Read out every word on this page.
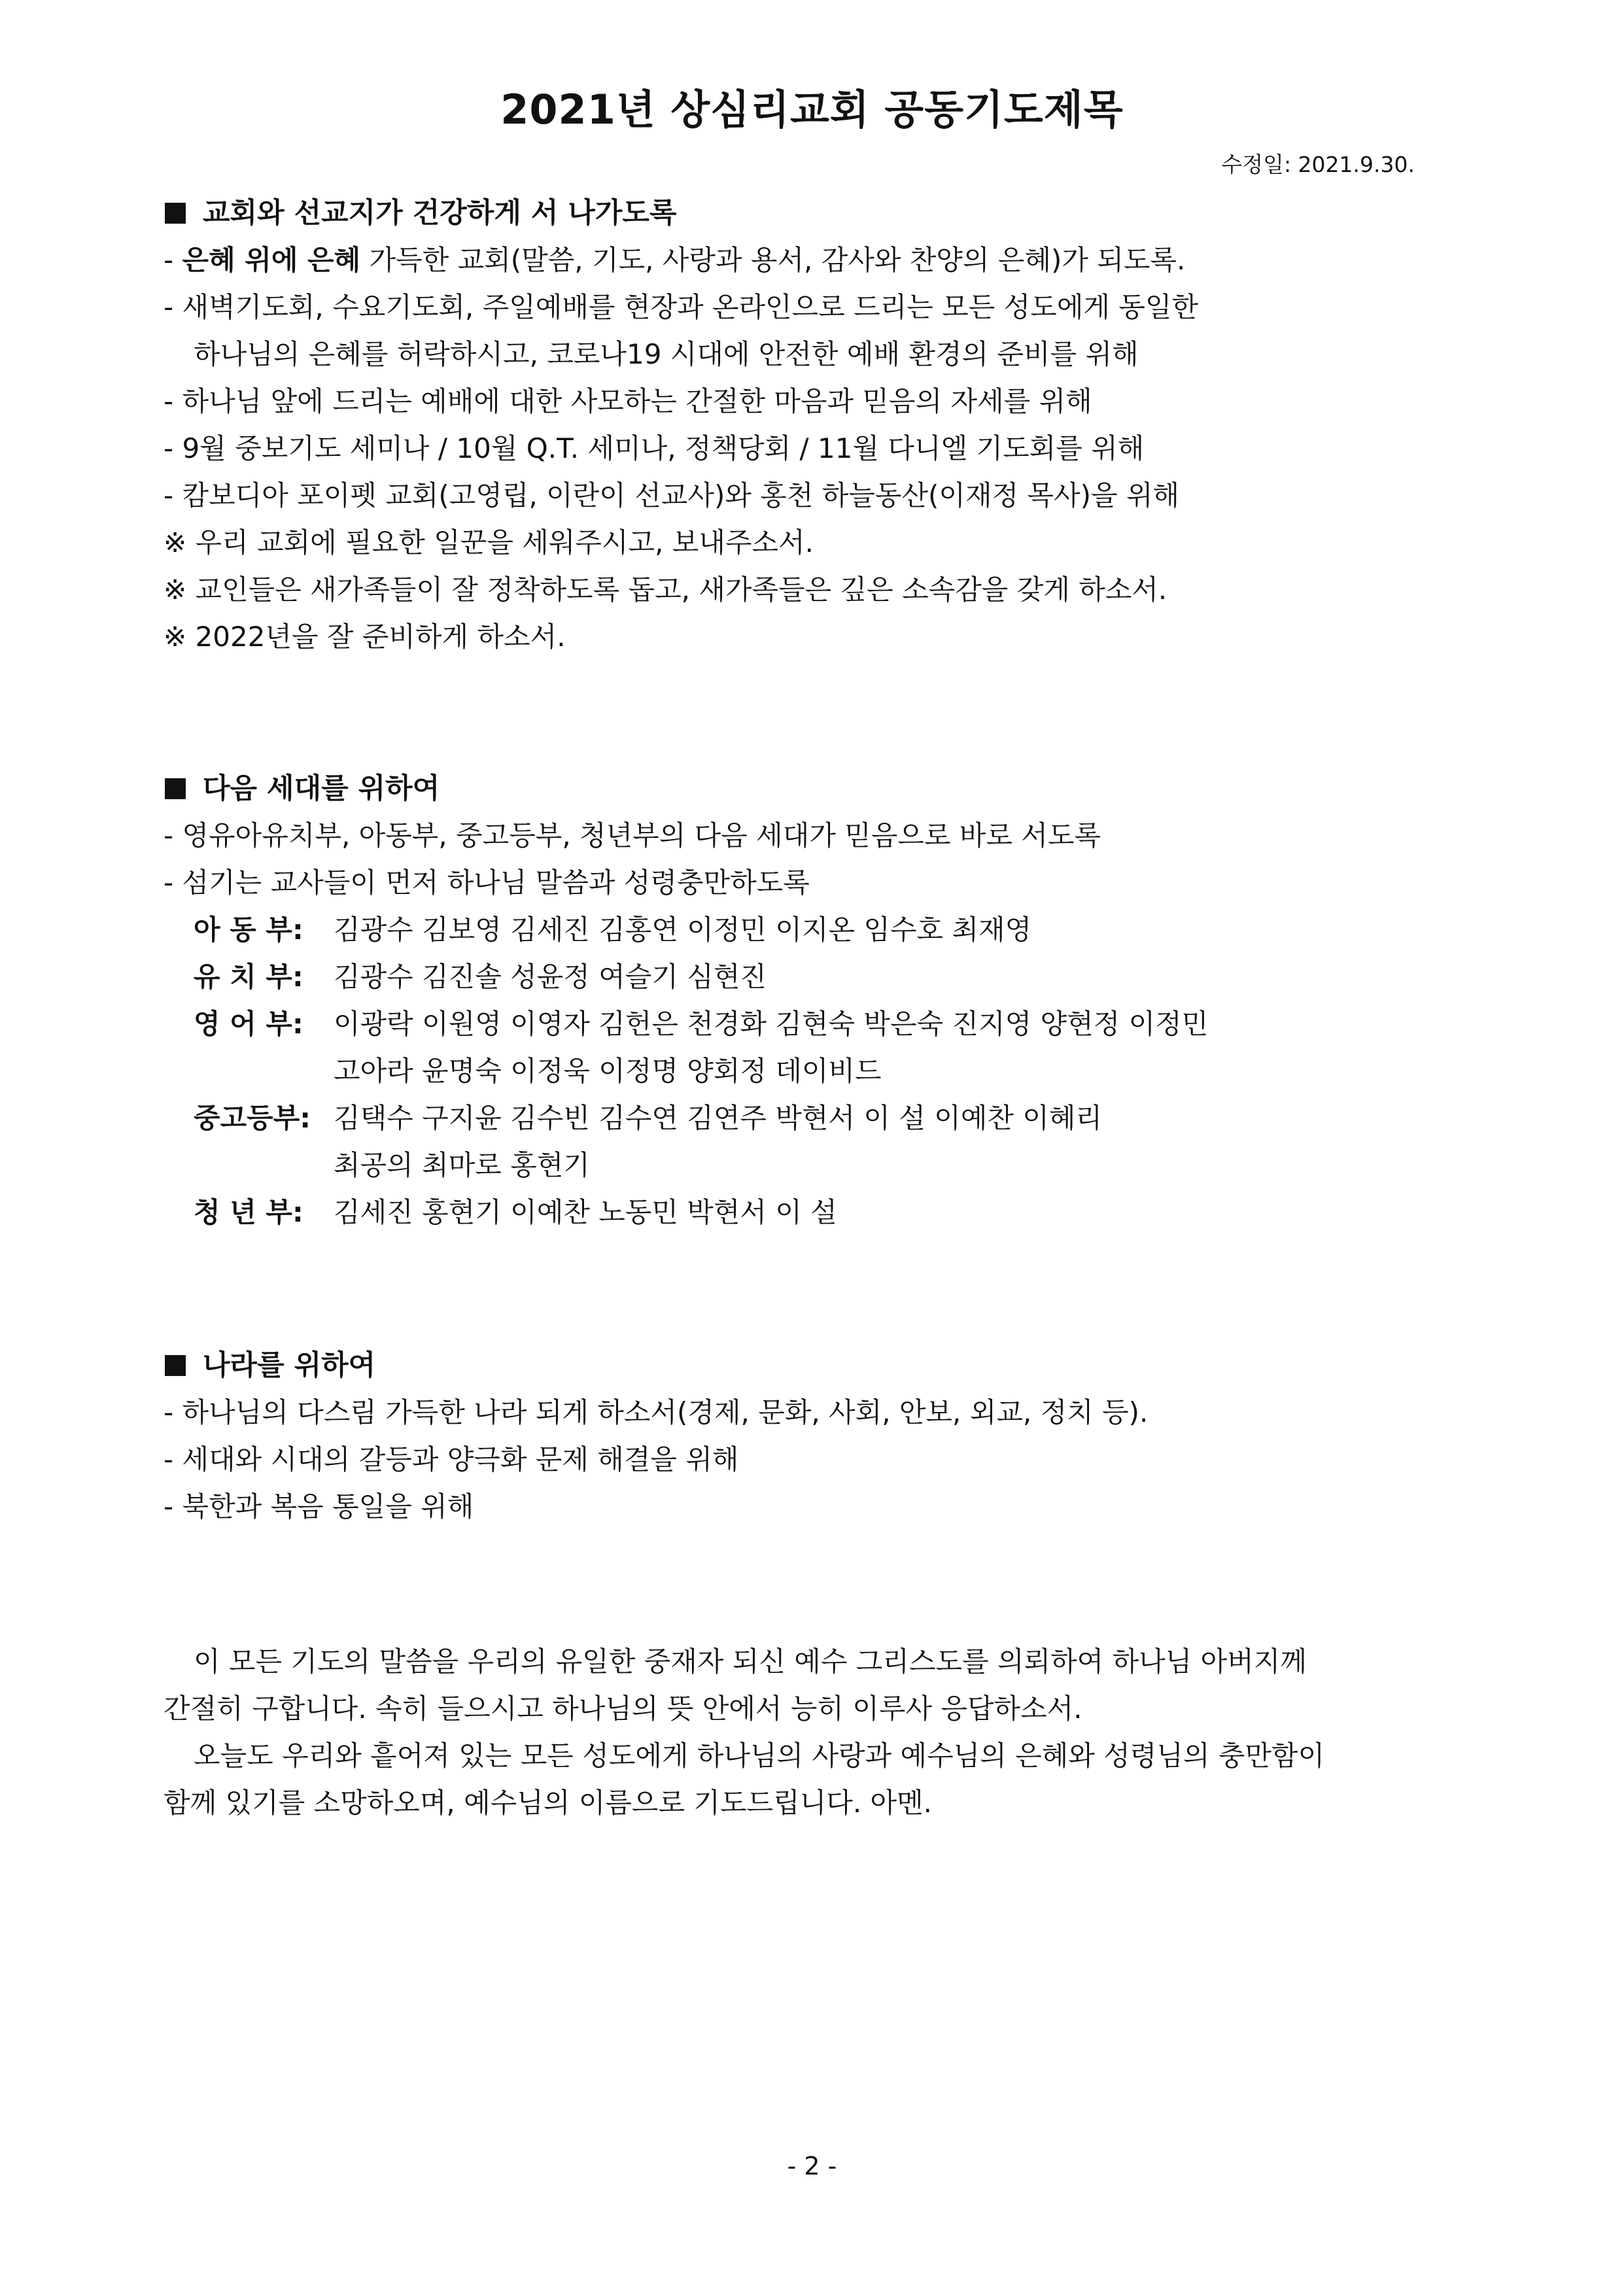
2021년 상심리교회 공동기도제목
수정일: 2021.9.30.
교회와 선교지가 건강하게 서 나가도록
- 은혜 위에 은혜 가득한 교회(말씀, 기도, 사랑과 용서, 감사와 찬양의 은혜)가 되도록.
- 새벽기도회, 수요기도회, 주일예배를 현장과 온라인으로 드리는 모든 성도에게 동일한
하나님의 은혜를 허락하시고, 코로나19 시대에 안전한 예배 환경의 준비를 위해
- 하나님 앞에 드리는 예배에 대한 사모하는 간절한 마음과 믿음의 자세를 위해
- 9월 중보기도 세미나 / 10월 Q.T. 세미나, 정책당회 / 11월 다니엘 기도회를 위해
- 캄보디아 포이펫 교회(고영립, 이란이 선교사)와 홍천 하늘동산(이재정 목사)을 위해
※ 우리 교회에 필요한 일꾼을 세워주시고, 보내주소서.
※ 교인들은 새가족들이 잘 정착하도록 돕고, 새가족들은 깊은 소속감을 갖게 하소서.
※ 2022년을 잘 준비하게 하소서.
다음 세대를 위하여
- 영유아유치부, 아동부, 중고등부, 청년부의 다음 세대가 믿음으로 바로 서도록
- 섬기는 교사들이 먼저 하나님 말씀과 성령충만하도록
아 동 부:	김광수 김보영 김세진 김홍연 이정민 이지온 임수호 최재영
유 치 부:	김광수 김진솔 성윤정 여슬기 심현진
영 어 부:	이광락 이원영 이영자 김헌은 천경화 김현숙 박은숙 진지영 양현정 이정민
고아라 윤명숙 이정욱 이정명 양회정 데이비드
중고등부: 김택수 구지윤 김수빈 김수연 김연주 박현서 이 설 이예찬 이혜리
최공의 최마로 홍현기
청 년 부:	김세진 홍현기 이예찬 노동민 박현서 이 설
나라를 위하여
- 하나님의 다스림 가득한 나라 되게 하소서(경제, 문화, 사회, 안보, 외교, 정치 등).
- 세대와 시대의 갈등과 양극화 문제 해결을 위해
- 북한과 복음 통일을 위해

이 모든 기도의 말씀을 우리의 유일한 중재자 되신 예수 그리스도를 의뢰하여 하나님 아버지께

간절히 구합니다. 속히 들으시고 하나님의 뜻 안에서 능히 이루사 응답하소서.

오늘도 우리와 흩어져 있는 모든 성도에게 하나님의 사랑과 예수님의 은혜와 성령님의 충만함이

함께 있기를 소망하오며, 예수님의 이름으로 기도드립니다. 아멘.

- 2 -
